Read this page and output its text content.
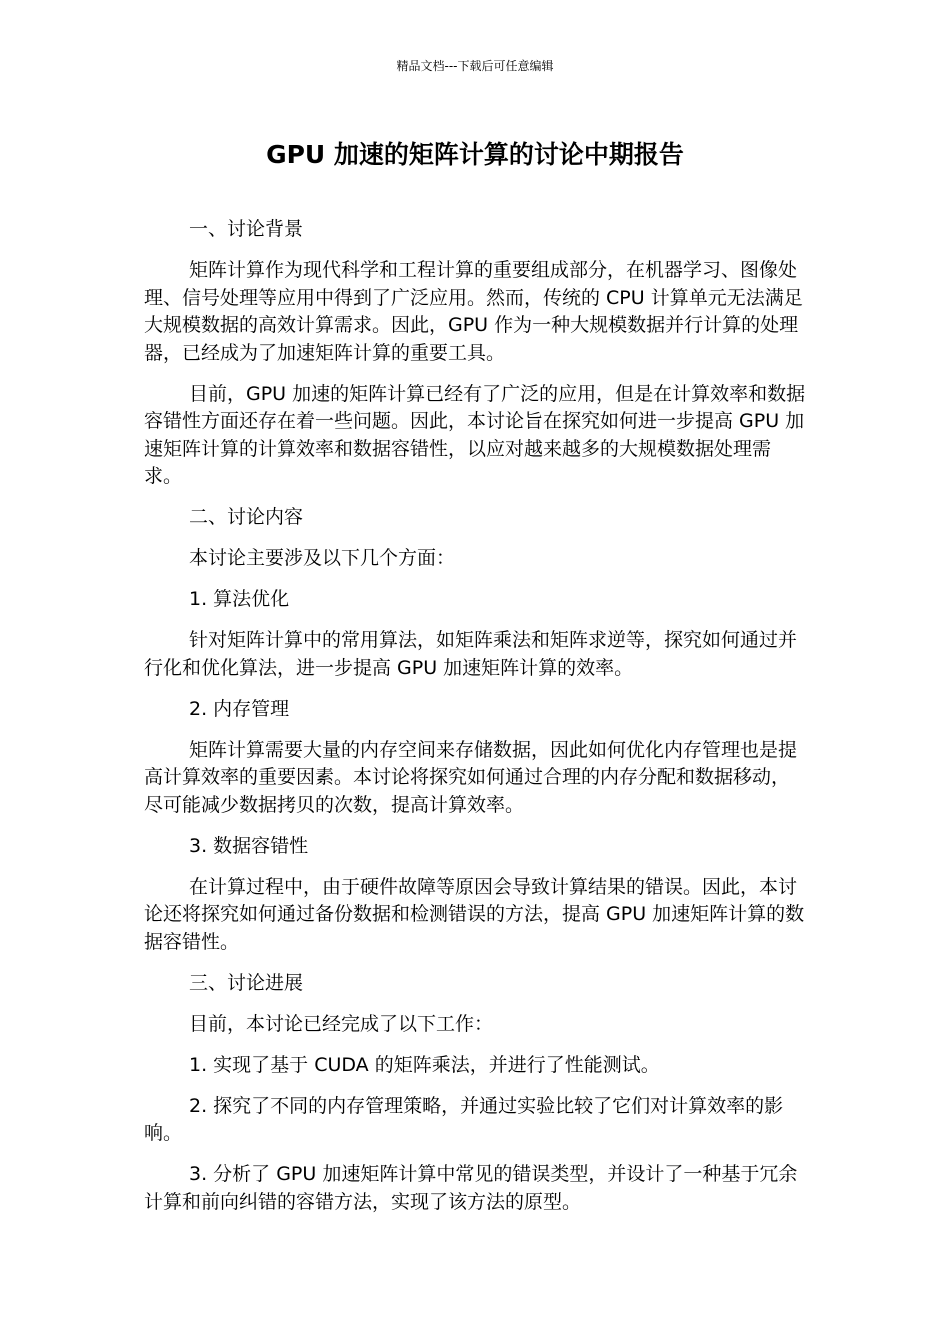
精品文档---下载后可任意编辑
GPU 加速的矩阵计算的讨论中期报告

一、讨论背景

矩阵计算作为现代科学和工程计算的重要组成部分，在机器学习、图像处理、信号处理等应用中得到了广泛应用。然而，传统的 CPU 计算单元无法满足大规模数据的高效计算需求。因此，GPU 作为一种大规模数据并行计算的处理器，已经成为了加速矩阵计算的重要工具。

目前，GPU 加速的矩阵计算已经有了广泛的应用，但是在计算效率和数据容错性方面还存在着一些问题。因此，本讨论旨在探究如何进一步提高 GPU 加速矩阵计算的计算效率和数据容错性，以应对越来越多的大规模数据处理需求。

二、讨论内容

本讨论主要涉及以下几个方面：

1. 算法优化

针对矩阵计算中的常用算法，如矩阵乘法和矩阵求逆等，探究如何通过并行化和优化算法，进一步提高 GPU 加速矩阵计算的效率。

2. 内存管理

矩阵计算需要大量的内存空间来存储数据，因此如何优化内存管理也是提高计算效率的重要因素。本讨论将探究如何通过合理的内存分配和数据移动，尽可能减少数据拷贝的次数，提高计算效率。

3. 数据容错性

在计算过程中，由于硬件故障等原因会导致计算结果的错误。因此，本讨论还将探究如何通过备份数据和检测错误的方法，提高 GPU 加速矩阵计算的数据容错性。

三、讨论进展

目前，本讨论已经完成了以下工作：

1. 实现了基于 CUDA 的矩阵乘法，并进行了性能测试。

2. 探究了不同的内存管理策略，并通过实验比较了它们对计算效率的影响。

3. 分析了 GPU 加速矩阵计算中常见的错误类型，并设计了一种基于冗余计算和前向纠错的容错方法，实现了该方法的原型。
